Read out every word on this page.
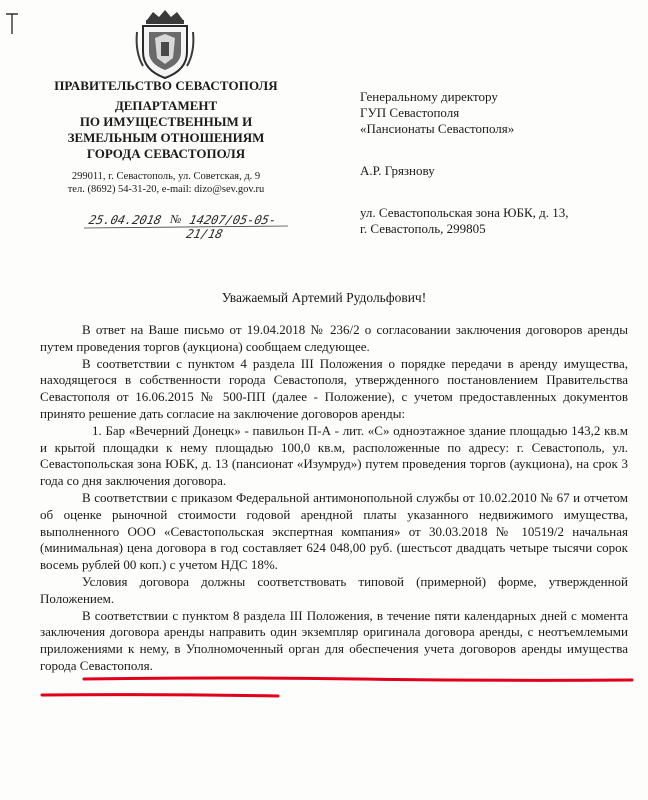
ПРАВИТЕЛЬСТВО СЕВАСТОПОЛЯ

ДЕПАРТАМЕНТ
ПО ИМУЩЕСТВЕННЫМ И
ЗЕМЕЛЬНЫМ ОТНОШЕНИЯМ
ГОРОДА СЕВАСТОПОЛЯ
299011, г. Севастополь, ул. Советская, д. 9
тел. (8692) 54-31-20, e-mail: dizo@sev.gov.ru
25.04.2018 № 14207/05-05-21/18
Генеральному директору
ГУП Севастополя
«Пансионаты Севастополя»
А.Р. Грязнову
ул. Севастопольская зона ЮБК, д. 13,
г. Севастополь, 299805
Уважаемый Артемий Рудольфович!

В ответ на Ваше письмо от 19.04.2018 № 236/2 о согласовании заключения договоров аренды путем проведения торгов (аукциона) сообщаем следующее.

В соответствии с пунктом 4 раздела III Положения о порядке передачи в аренду имущества, находящегося в собственности города Севастополя, утвержденного постановлением Правительства Севастополя от 16.06.2015 № 500-ПП (далее - Положение), с учетом предоставленных документов принято решение дать согласие на заключение договоров аренды:

1. Бар «Вечерний Донецк» - павильон П-А - лит. «С» одноэтажное здание площадью 143,2 кв.м и крытой площадки к нему площадью 100,0 кв.м, расположенные по адресу: г. Севастополь, ул. Севастопольская зона ЮБК, д. 13 (пансионат «Изумруд») путем проведения торгов (аукциона), на срок 3 года со дня заключения договора.

В соответствии с приказом Федеральной антимонопольной службы от 10.02.2010 № 67 и отчетом об оценке рыночной стоимости годовой арендной платы указанного недвижимого имущества, выполненного ООО «Севастопольская экспертная компания» от 30.03.2018 № 10519/2 начальная (минимальная) цена договора в год составляет 624 048,00 руб. (шестьсот двадцать четыре тысячи сорок восемь рублей 00 коп.) с учетом НДС 18%.

Условия договора должны соответствовать типовой (примерной) форме, утвержденной Положением.

В соответствии с пунктом 8 раздела III Положения, в течение пяти календарных дней с момента заключения договора аренды направить один экземпляр оригинала договора аренды, с неотъемлемыми приложениями к нему, в Уполномоченный орган для обеспечения учета договоров аренды имущества города Севастополя.
